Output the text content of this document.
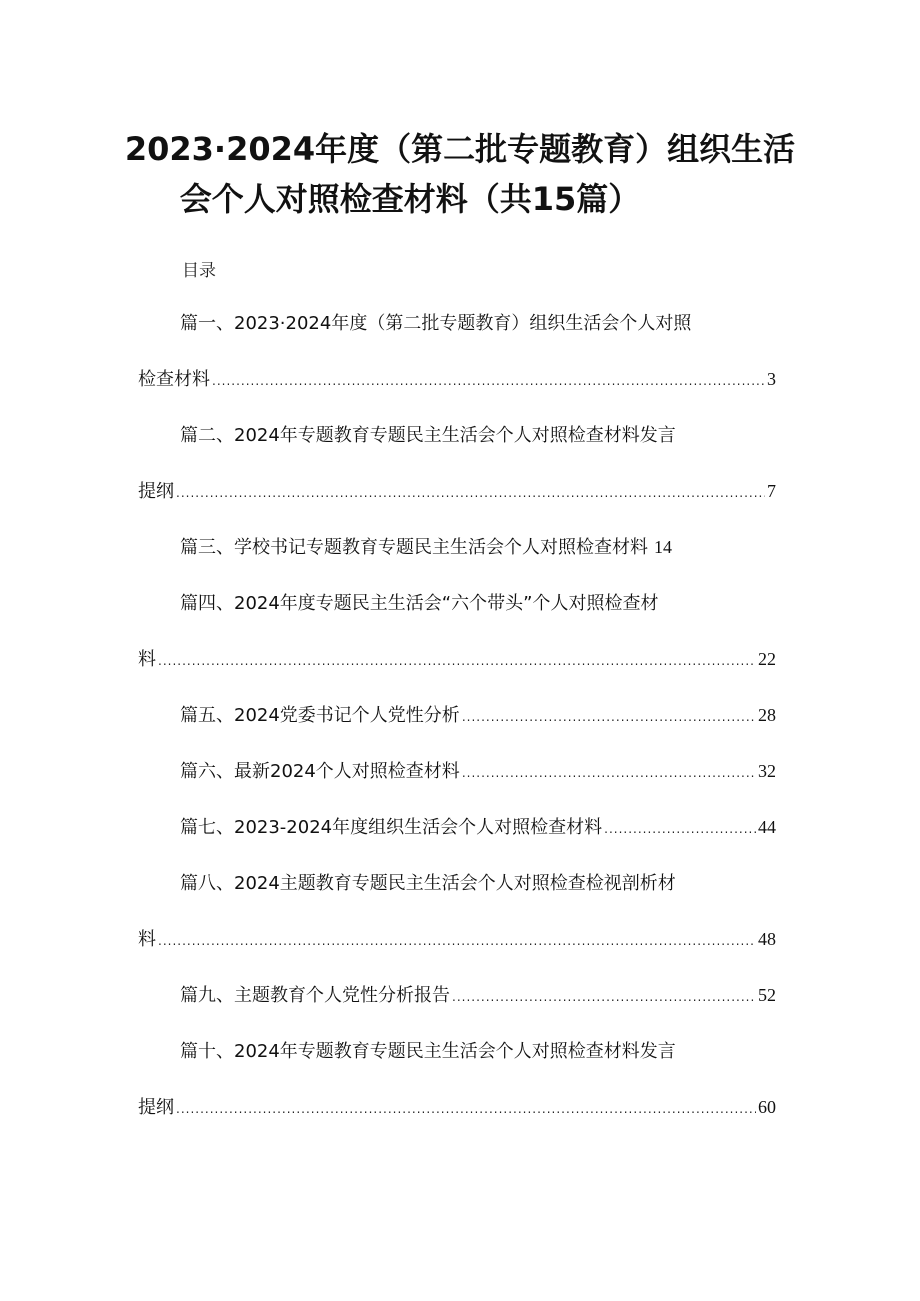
2023·2024年度（第二批专题教育）组织生活
会个人对照检查材料（共15篇）
目录
篇一、2023·2024年度（第二批专题教育）组织生活会个人对照
检查材料 .....	3
篇二、2024年专题教育专题民主生活会个人对照检查材料发言
提纲 .....	7
篇三、学校书记专题教育专题民主生活会个人对照检查材料 14
篇四、2024年度专题民主生活会“六个带头”个人对照检查材
料 .....	22
篇五、2024党委书记个人党性分析 .....	28
篇六、最新2024个人对照检查材料 .....	32
篇七、2023-2024年度组织生活会个人对照检查材料 .....	44
篇八、2024主题教育专题民主生活会个人对照检查检视剖析材
料 .....	48
篇九、主题教育个人党性分析报告 .....	52
篇十、2024年专题教育专题民主生活会个人对照检查材料发言
提纲 .....	60
